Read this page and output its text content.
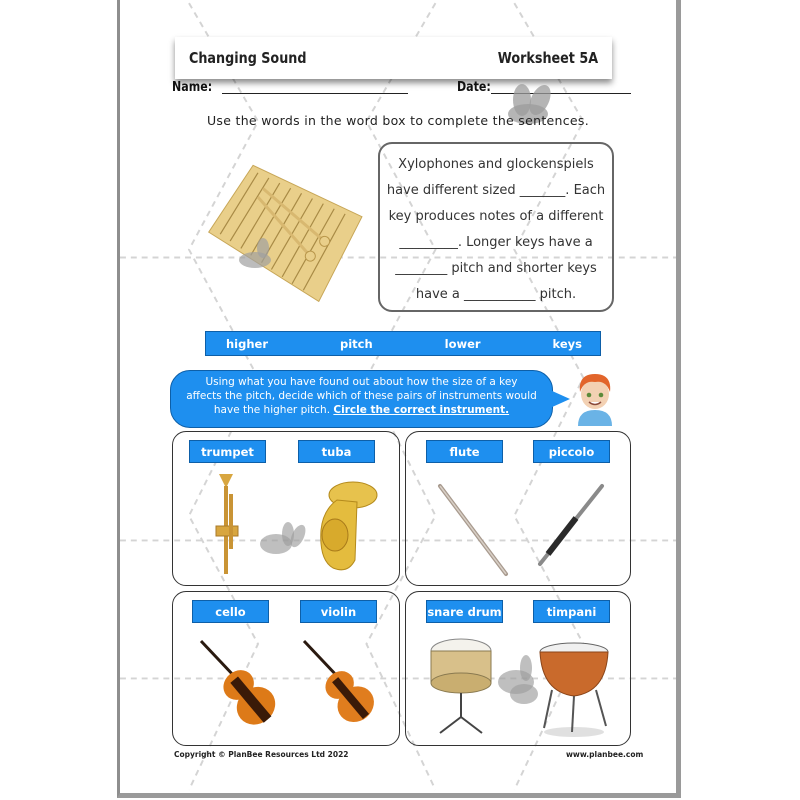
Changing Sound	Worksheet 5A
Name:	Date:
Use the words in the word box to complete the sentences.

Xylophones and glockenspiels

have different sized _______. Each

key produces notes of a different

_________. Longer keys have a

________ pitch and shorter keys

have a ___________ pitch.

higher	pitch	lower	keys
Using what you have found out about how the size of a key
affects the pitch, decide which of these pairs of instruments would
have the higher pitch. Circle the correct instrument.
trumpet	tuba	flute	piccolo
cello	violin	snare drum	timpani
Copyright © PlanBee Resources Ltd 2022	www.planbee.com
